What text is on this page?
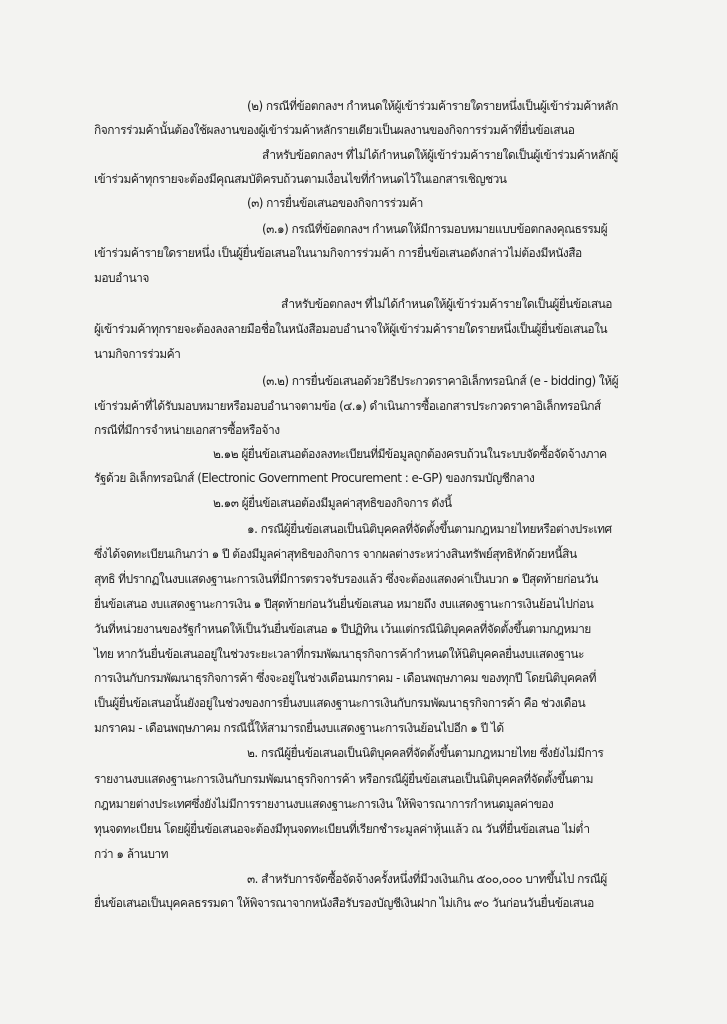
(๒) กรณีที่ข้อตกลงฯ กำหนดให้ผู้เข้าร่วมค้ารายใดรายหนึ่งเป็นผู้เข้าร่วมค้าหลัก
กิจการร่วมค้านั้นต้องใช้ผลงานของผู้เข้าร่วมค้าหลักรายเดียวเป็นผลงานของกิจการร่วมค้าที่ยื่นข้อเสนอ
สำหรับข้อตกลงฯ ที่ไม่ได้กำหนดให้ผู้เข้าร่วมค้ารายใดเป็นผู้เข้าร่วมค้าหลักผู้
เข้าร่วมค้าทุกรายจะต้องมีคุณสมบัติครบถ้วนตามเงื่อนไขที่กำหนดไว้ในเอกสารเชิญชวน
(๓) การยื่นข้อเสนอของกิจการร่วมค้า
(๓.๑) กรณีที่ข้อตกลงฯ กำหนดให้มีการมอบหมายแบบข้อตกลงคุณธรรมผู้
เข้าร่วมค้ารายใดรายหนึ่ง เป็นผู้ยื่นข้อเสนอในนามกิจการร่วมค้า การยื่นข้อเสนอดังกล่าวไม่ต้องมีหนังสือ
มอบอำนาจ
สำหรับข้อตกลงฯ ที่ไม่ได้กำหนดให้ผู้เข้าร่วมค้ารายใดเป็นผู้ยื่นข้อเสนอ
ผู้เข้าร่วมค้าทุกรายจะต้องลงลายมือชื่อในหนังสือมอบอำนาจให้ผู้เข้าร่วมค้ารายใดรายหนึ่งเป็นผู้ยื่นข้อเสนอใน
นามกิจการร่วมค้า
(๓.๒) การยื่นข้อเสนอด้วยวิธีประกวดราคาอิเล็กทรอนิกส์ (e - bidding) ให้ผู้
เข้าร่วมค้าที่ได้รับมอบหมายหรือมอบอำนาจตามข้อ (๔.๑) ดำเนินการซื้อเอกสารประกวดราคาอิเล็กทรอนิกส์
กรณีที่มีการจำหน่ายเอกสารซื้อหรือจ้าง
๒.๑๒ ผู้ยื่นข้อเสนอต้องลงทะเบียนที่มีข้อมูลถูกต้องครบถ้วนในระบบจัดซื้อจัดจ้างภาค
รัฐด้วย อิเล็กทรอนิกส์ (Electronic Government Procurement : e-GP) ของกรมบัญชีกลาง
๒.๑๓ ผู้ยื่นข้อเสนอต้องมีมูลค่าสุทธิของกิจการ ดังนี้
๑. กรณีผู้ยื่นข้อเสนอเป็นนิติบุคคลที่จัดตั้งขึ้นตามกฎหมายไทยหรือต่างประเทศ
ซึ่งได้จดทะเบียนเกินกว่า ๑ ปี ต้องมีมูลค่าสุทธิของกิจการ จากผลต่างระหว่างสินทรัพย์สุทธิหักด้วยหนี้สิน
สุทธิ ที่ปรากฏในงบแสดงฐานะการเงินที่มีการตรวจรับรองแล้ว ซึ่งจะต้องแสดงค่าเป็นบวก ๑ ปีสุดท้ายก่อนวัน
ยื่นข้อเสนอ งบแสดงฐานะการเงิน ๑ ปีสุดท้ายก่อนวันยื่นข้อเสนอ หมายถึง งบแสดงฐานะการเงินย้อนไปก่อน
วันที่หน่วยงานของรัฐกำหนดให้เป็นวันยื่นข้อเสนอ ๑ ปีปฏิทิน เว้นแต่กรณีนิติบุคคลที่จัดตั้งขึ้นตามกฎหมาย
ไทย หากวันยื่นข้อเสนออยู่ในช่วงระยะเวลาที่กรมพัฒนาธุรกิจการค้ากำหนดให้นิติบุคคลยื่นงบแสดงฐานะ
การเงินกับกรมพัฒนาธุรกิจการค้า ซึ่งจะอยู่ในช่วงเดือนมกราคม - เดือนพฤษภาคม ของทุกปี โดยนิติบุคคลที่
เป็นผู้ยื่นข้อเสนอนั้นยังอยู่ในช่วงของการยื่นงบแสดงฐานะการเงินกับกรมพัฒนาธุรกิจการค้า คือ ช่วงเดือน
มกราคม - เดือนพฤษภาคม กรณีนี้ให้สามารถยื่นงบแสดงฐานะการเงินย้อนไปอีก ๑ ปี ได้
๒. กรณีผู้ยื่นข้อเสนอเป็นนิติบุคคลที่จัดตั้งขึ้นตามกฎหมายไทย ซึ่งยังไม่มีการ
รายงานงบแสดงฐานะการเงินกับกรมพัฒนาธุรกิจการค้า หรือกรณีผู้ยื่นข้อเสนอเป็นนิติบุคคลที่จัดตั้งขึ้นตาม
กฎหมายต่างประเทศซึ่งยังไม่มีการรายงานงบแสดงฐานะการเงิน ให้พิจารณาการกำหนดมูลค่าของ
ทุนจดทะเบียน โดยผู้ยื่นข้อเสนอจะต้องมีทุนจดทะเบียนที่เรียกชำระมูลค่าหุ้นแล้ว ณ วันที่ยื่นข้อเสนอ ไม่ต่ำ
กว่า ๑ ล้านบาท
๓. สำหรับการจัดซื้อจัดจ้างครั้งหนึ่งที่มีวงเงินเกิน ๕๐๐,๐๐๐ บาทขึ้นไป กรณีผู้
ยื่นข้อเสนอเป็นบุคคลธรรมดา ให้พิจารณาจากหนังสือรับรองบัญชีเงินฝาก ไม่เกิน ๙๐ วันก่อนวันยื่นข้อเสนอ
